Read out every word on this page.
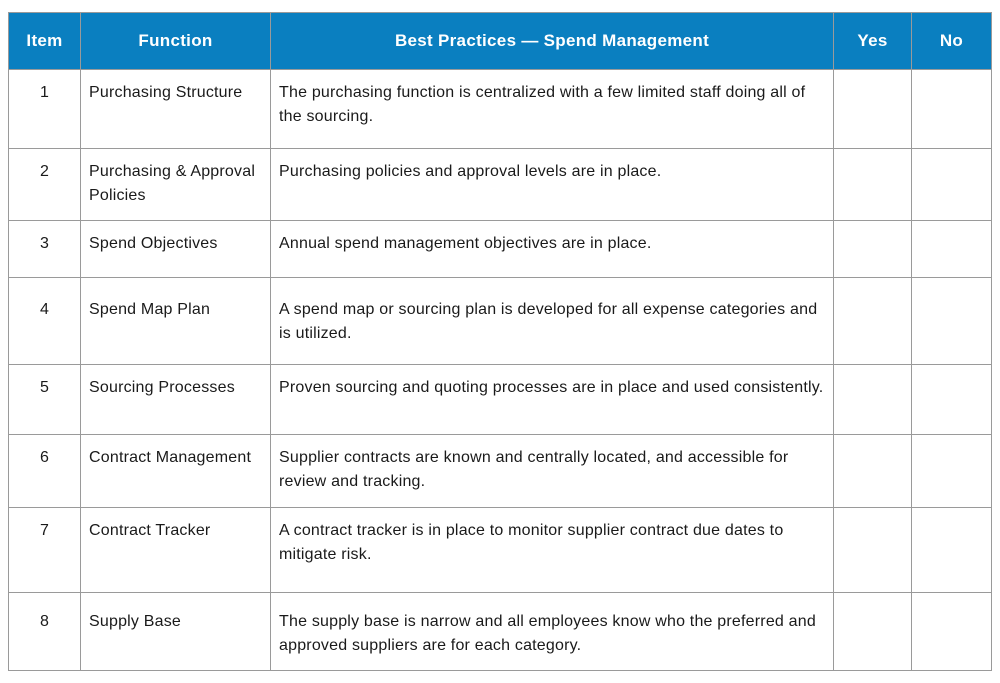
Item	Function	Best Practices — Spend Management	Yes	No
1	Purchasing Structure	The purchasing function is centralized with a few limited staff doing all of the sourcing.		
2	Purchasing & Approval Policies	Purchasing policies and approval levels are in place.		
3	Spend Objectives	Annual spend management objectives are in place.		
4	Spend Map Plan	A spend map or sourcing plan is developed for all expense categories and is utilized.		
5	Sourcing Processes	Proven sourcing and quoting processes are in place and used consistently.		
6	Contract Management	Supplier contracts are known and centrally located, and accessible for review and tracking.		
7	Contract Tracker	A contract tracker is in place to monitor supplier contract due dates to mitigate risk.		
8	Supply Base	The supply base is narrow and all employees know who the preferred and approved suppliers are for each category.		
